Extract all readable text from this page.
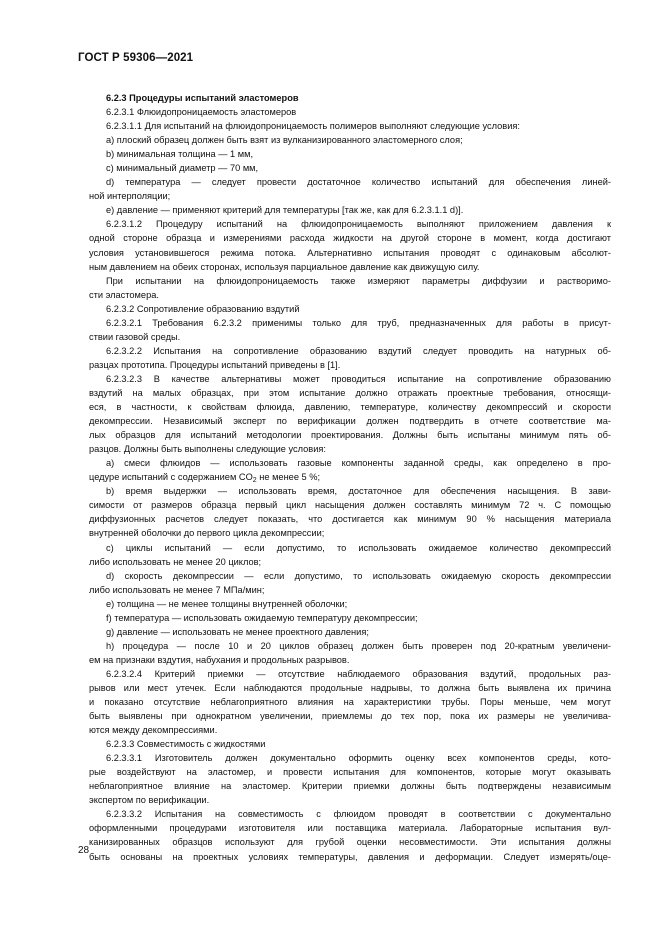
ГОСТ Р 59306—2021
6.2.3 Процедуры испытаний эластомеров
6.2.3.1 Флюидопроницаемость эластомеров
6.2.3.1.1 Для испытаний на флюидопроницаемость полимеров выполняют следующие условия:
а) плоский образец должен быть взят из вулканизированного эластомерного слоя;
b) минимальная толщина — 1 мм,
с) минимальный диаметр — 70 мм,
d) температура — следует провести достаточное количество испытаний для обеспечения линей-
ной интерполяции;
е) давление — применяют критерий для температуры [так же, как для 6.2.3.1.1 d)].
6.2.3.1.2 Процедуру испытаний на флюидопроницаемость выполняют приложением давления к
одной стороне образца и измерениями расхода жидкости на другой стороне в момент, когда достигают
условия установившегося режима потока. Альтернативно испытания проводят с одинаковым абсолют-
ным давлением на обеих сторонах, используя парциальное давление как движущую силу.
При испытании на флюидопроницаемость также измеряют параметры диффузии и растворимо-
сти эластомера.
6.2.3.2 Сопротивление образованию вздутий
6.2.3.2.1 Требования 6.2.3.2 применимы только для труб, предназначенных для работы в присут-
ствии газовой среды.
6.2.3.2.2 Испытания на сопротивление образованию вздутий следует проводить на натурных об-
разцах прототипа. Процедуры испытаний приведены в [1].
6.2.3.2.3 В качестве альтернативы может проводиться испытание на сопротивление образованию
вздутий на малых образцах, при этом испытание должно отражать проектные требования, относящи-
еся, в частности, к свойствам флюида, давлению, температуре, количеству декомпрессий и скорости
декомпрессии. Независимый эксперт по верификации должен подтвердить в отчете соответствие ма-
лых образцов для испытаний методологии проектирования. Должны быть испытаны минимум пять об-
разцов. Должны быть выполнены следующие условия:
а) смеси флюидов — использовать газовые компоненты заданной среды, как определено в про-
цедуре испытаний с содержанием $CO_2$ не менее 5 %;
b) время выдержки — использовать время, достаточное для обеспечения насыщения. В зави-
симости от размеров образца первый цикл насыщения должен составлять минимум 72 ч. С помощью
диффузионных расчетов следует показать, что достигается как минимум 90 % насыщения материала
внутренней оболочки до первого цикла декомпрессии;
с) циклы испытаний — если допустимо, то использовать ожидаемое количество декомпрессий
либо использовать не менее 20 циклов;
d) скорость декомпрессии — если допустимо, то использовать ожидаемую скорость декомпрессии
либо использовать не менее 7 МПа/мин;
е) толщина — не менее толщины внутренней оболочки;
f) температура — использовать ожидаемую температуру декомпрессии;
g) давление — использовать не менее проектного давления;
h) процедура — после 10 и 20 циклов образец должен быть проверен под 20-кратным увеличени-
ем на признаки вздутия, набухания и продольных разрывов.
6.2.3.2.4 Критерий приемки — отсутствие наблюдаемого образования вздутий, продольных раз-
рывов или мест утечек. Если наблюдаются продольные надрывы, то должна быть выявлена их причина
и показано отсутствие неблагоприятного влияния на характеристики трубы. Поры меньше, чем могут
быть выявлены при однократном увеличении, приемлемы до тех пор, пока их размеры не увеличива-
ются между декомпрессиями.
6.2.3.3 Совместимость с жидкостями
6.2.3.3.1 Изготовитель должен документально оформить оценку всех компонентов среды, кото-
рые воздействуют на эластомер, и провести испытания для компонентов, которые могут оказывать
неблагоприятное влияние на эластомер. Критерии приемки должны быть подтверждены независимым
экспертом по верификации.
6.2.3.3.2 Испытания на совместимость с флюидом проводят в соответствии с документально
оформленными процедурами изготовителя или поставщика материала. Лабораторные испытания вул-
канизированных образцов используют для грубой оценки несовместимости. Эти испытания должны
быть основаны на проектных условиях температуры, давления и деформации. Следует измерять/оце-
28
